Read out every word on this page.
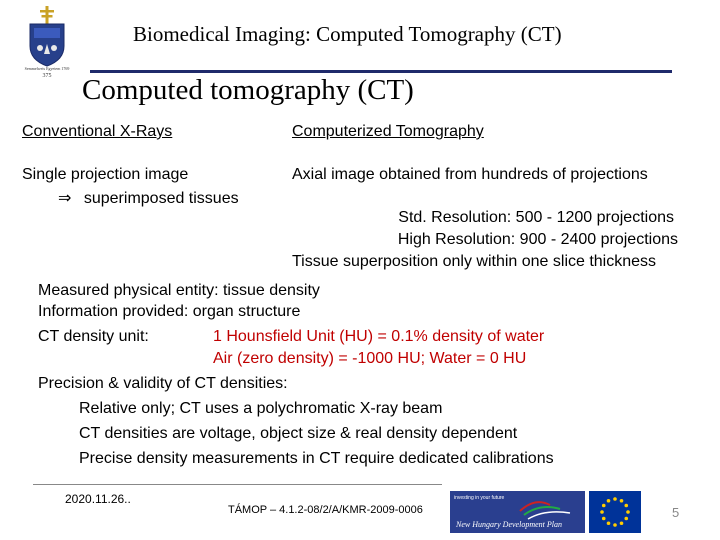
Semmelweis Egyetem 1769
375
Biomedical Imaging: Computed Tomography (CT)
Computed tomography (CT)
Conventional X-Rays
Single projection image
⇒ superimposed tissues
Computerized Tomography
Axial image obtained from hundreds of projections
Std. Resolution: 500 - 1200 projections
High Resolution: 900 - 2400 projections
Tissue superposition only within one slice thickness
Measured physical entity: tissue density
Information provided: organ structure
CT density unit:	1 Hounsfield Unit (HU) = 0.1% density of water
Air (zero density) = -1000 HU; Water = 0 HU
Precision & validity of CT densities:
Relative only; CT uses a polychromatic X-ray beam
CT densities are voltage, object size & real density dependent
Precise density measurements in CT require dedicated calibrations
2020.11.26..
TÁMOP – 4.1.2-08/2/A/KMR-2009-0006
investing in your future
New Hungary Development Plan
5
